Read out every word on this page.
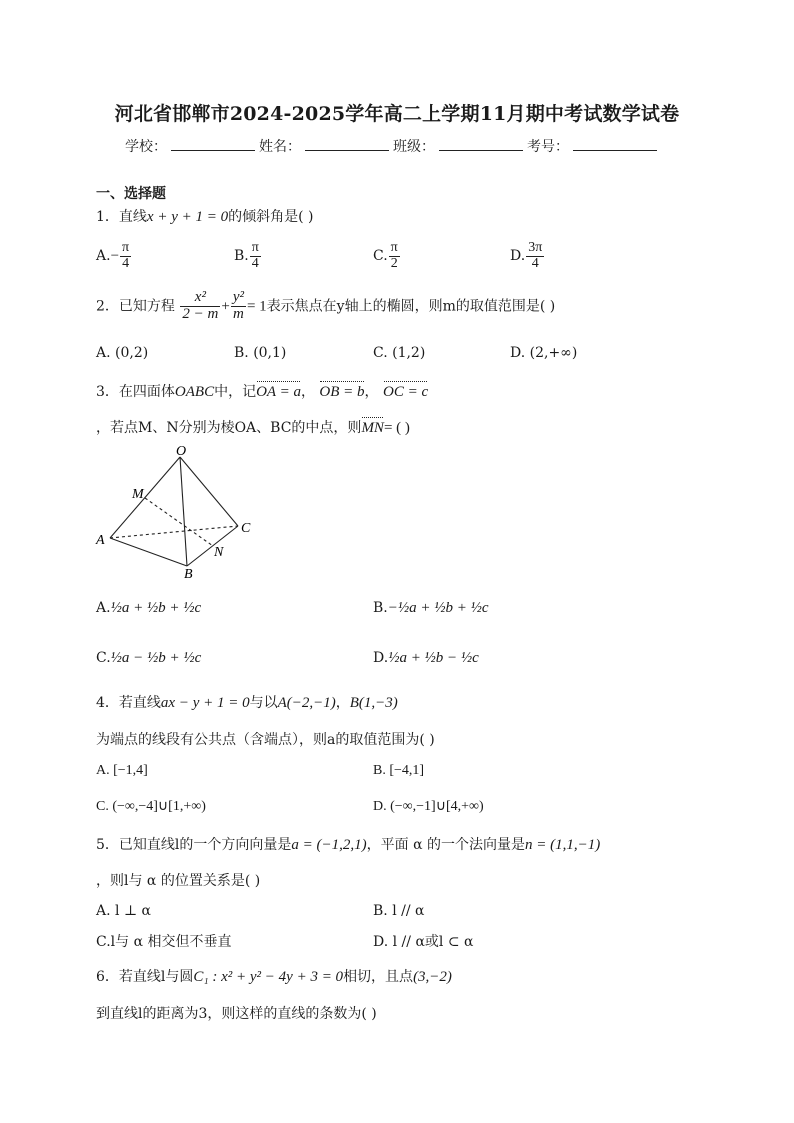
河北省邯郸市2024-2025学年高二上学期11月期中考试数学试卷
学校：	姓名：	班级：	考号：
一、选择题
1．直线x + y + 1 = 0的倾斜角是( )
$A.- \frac{\pi}{4}$	B. $\frac{\pi}{4}$	C. $\frac{\pi}{2}$	D. $\frac{3\pi}{4}$
2．已知方程 $\frac{\text{x²}}{2 - m} + \frac{\text{y²}}{m} = 1$表示焦点在y轴上的椭圆，则m的取值范围是( )
A. (0,2)	B. (0,1)	C. (1,2)	D. (2,+∞)
3．在四面体OABC中，记OA = a， OB = b， OC = c
，若点M、N分别为棱OA、BC的中点，则MN= ( )
O
M
A
C
N
B
A.½a + ½b + ½c	B.−½a + ½b + ½c
C.½a − ½b + ½c	D.½a + ½b − ½c
4．若直线ax − y + 1 = 0与以A(−2,−1)，B(1,−3)
为端点的线段有公共点（含端点），则a的取值范围为( )
A. [−1,4]	B. [−4,1]
C. (−∞,−4]∪[1,+∞)	D. (−∞,−1]∪[4,+∞)
5．已知直线l的一个方向向量是a = (−1,2,1)，平面 α 的一个法向量是n = (1,1,−1)
，则l与 α 的位置关系是( )
A. l ⊥ α	B. l // α
C.l与 α 相交但不垂直	D. l // α或l ⊂ α
6．若直线l与圆C₁ : x² + y² − 4y + 3 = 0相切，且点(3,−2)
到直线l的距离为3，则这样的直线的条数为( )
